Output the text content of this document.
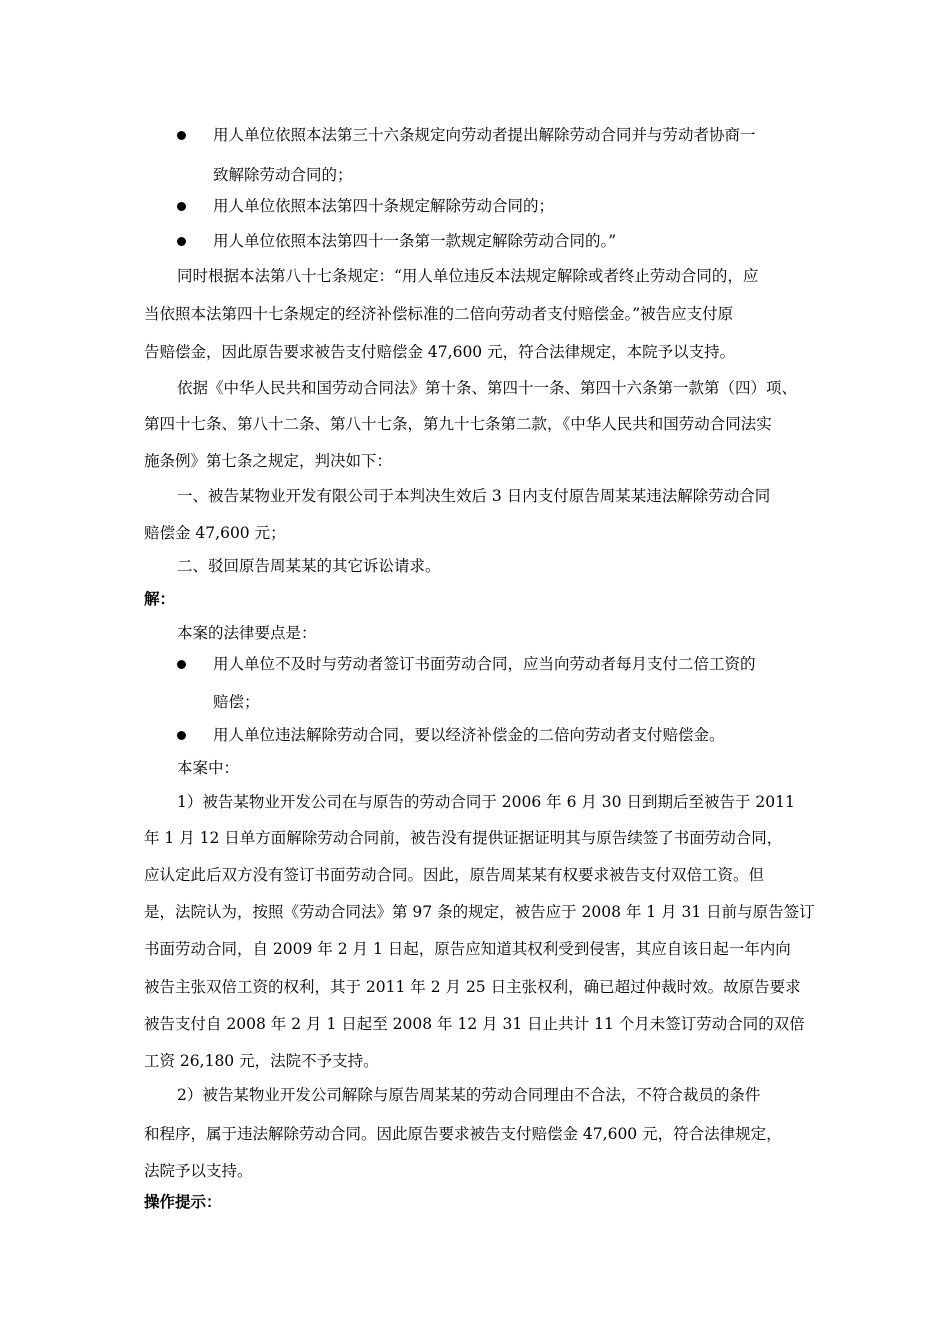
用人单位依照本法第三十六条规定向劳动者提出解除劳动合同并与劳动者协商一
致解除劳动合同的；
用人单位依照本法第四十条规定解除劳动合同的；
用人单位依照本法第四十一条第一款规定解除劳动合同的。”
同时根据本法第八十七条规定：“用人单位违反本法规定解除或者终止劳动合同的，应
当依照本法第四十七条规定的经济补偿标准的二倍向劳动者支付赔偿金。”被告应支付原
告赔偿金，因此原告要求被告支付赔偿金 47,600 元，符合法律规定，本院予以支持。
依据《中华人民共和国劳动合同法》第十条、第四十一条、第四十六条第一款第（四）项、
第四十七条、第八十二条、第八十七条，第九十七条第二款，《中华人民共和国劳动合同法实
施条例》第七条之规定，判决如下：
一、被告某物业开发有限公司于本判决生效后 3 日内支付原告周某某违法解除劳动合同
赔偿金 47,600 元；
二、驳回原告周某某的其它诉讼请求。
解：
本案的法律要点是：
用人单位不及时与劳动者签订书面劳动合同，应当向劳动者每月支付二倍工资的
赔偿；
用人单位违法解除劳动合同，要以经济补偿金的二倍向劳动者支付赔偿金。
本案中：
1）被告某物业开发公司在与原告的劳动合同于 2006 年 6 月 30 日到期后至被告于 2011
年 1 月 12 日单方面解除劳动合同前，被告没有提供证据证明其与原告续签了书面劳动合同，
应认定此后双方没有签订书面劳动合同。因此，原告周某某有权要求被告支付双倍工资。但
是，法院认为，按照《劳动合同法》第 97 条的规定，被告应于 2008 年 1 月 31 日前与原告签订
书面劳动合同，自 2009 年 2 月 1 日起，原告应知道其权利受到侵害，其应自该日起一年内向
被告主张双倍工资的权利，其于 2011 年 2 月 25 日主张权利，确已超过仲裁时效。故原告要求
被告支付自 2008 年 2 月 1 日起至 2008 年 12 月 31 日止共计 11 个月未签订劳动合同的双倍
工资 26,180 元，法院不予支持。
2）被告某物业开发公司解除与原告周某某的劳动合同理由不合法，不符合裁员的条件
和程序，属于违法解除劳动合同。因此原告要求被告支付赔偿金 47,600 元，符合法律规定，
法院予以支持。
操作提示：
